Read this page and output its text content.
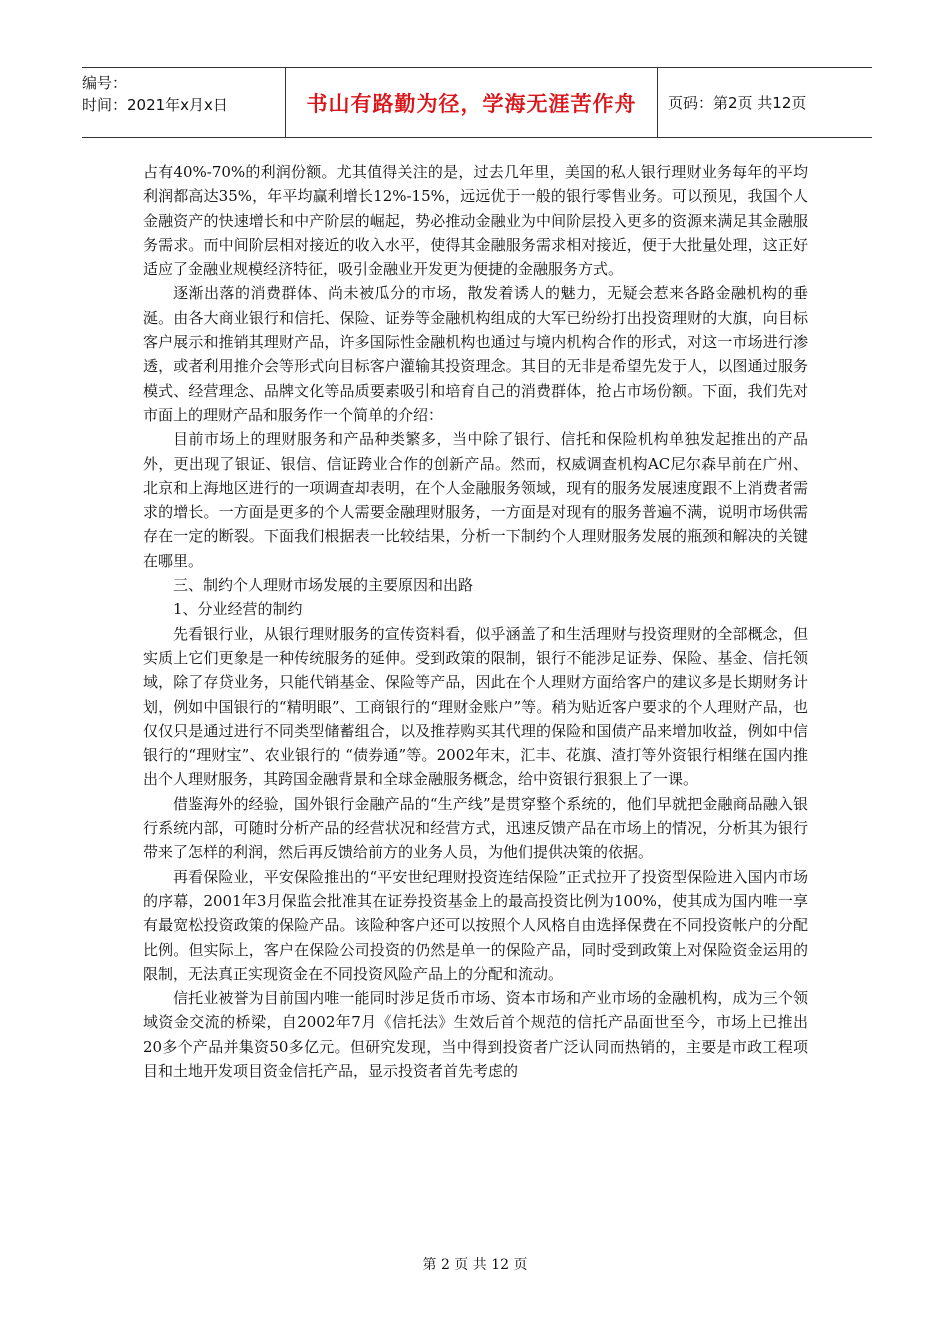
编号：
时间：2021年x月x日	书山有路勤为径，学海无涯苦作舟 页码：第2页 共12页

占有40%-70%的利润份额。尤其值得关注的是，过去几年里，美国的私人银行理财业务每年的平均利润都高达35%，年平均赢利增长12%-15%，远远优于一般的银行零售业务。可以预见，我国个人金融资产的快速增长和中产阶层的崛起，势必推动金融业为中间阶层投入更多的资源来满足其金融服务需求。而中间阶层相对接近的收入水平，使得其金融服务需求相对接近，便于大批量处理，这正好适应了金融业规模经济特征，吸引金融业开发更为便捷的金融服务方式。

逐渐出落的消费群体、尚未被瓜分的市场，散发着诱人的魅力，无疑会惹来各路金融机构的垂涎。由各大商业银行和信托、保险、证券等金融机构组成的大军已纷纷打出投资理财的大旗，向目标客户展示和推销其理财产品，许多国际性金融机构也通过与境内机构合作的形式，对这一市场进行渗透，或者利用推介会等形式向目标客户灌输其投资理念。其目的无非是希望先发于人，以图通过服务模式、经营理念、品牌文化等品质要素吸引和培育自己的消费群体，抢占市场份额。下面，我们先对市面上的理财产品和服务作一个简单的介绍：

目前市场上的理财服务和产品种类繁多，当中除了银行、信托和保险机构单独发起推出的产品外，更出现了银证、银信、信证跨业合作的创新产品。然而，权威调查机构AC尼尔森早前在广州、北京和上海地区进行的一项调查却表明，在个人金融服务领域，现有的服务发展速度跟不上消费者需求的增长。一方面是更多的个人需要金融理财服务，一方面是对现有的服务普遍不满，说明市场供需存在一定的断裂。下面我们根据表一比较结果，分析一下制约个人理财服务发展的瓶颈和解决的关键在哪里。

三、制约个人理财市场发展的主要原因和出路

1、分业经营的制约

先看银行业，从银行理财服务的宣传资料看，似乎涵盖了和生活理财与投资理财的全部概念，但实质上它们更象是一种传统服务的延伸。受到政策的限制，银行不能涉足证券、保险、基金、信托领域，除了存贷业务，只能代销基金、保险等产品，因此在个人理财方面给客户的建议多是长期财务计划，例如中国银行的“精明眼”、工商银行的“理财金账户”等。稍为贴近客户要求的个人理财产品，也仅仅只是通过进行不同类型储蓄组合，以及推荐购买其代理的保险和国债产品来增加收益，例如中信银行的“理财宝”、农业银行的 “债券通”等。2002年末，汇丰、花旗、渣打等外资银行相继在国内推出个人理财服务，其跨国金融背景和全球金融服务概念，给中资银行狠狠上了一课。

借鉴海外的经验，国外银行金融产品的“生产线”是贯穿整个系统的，他们早就把金融商品融入银行系统内部，可随时分析产品的经营状况和经营方式，迅速反馈产品在市场上的情况，分析其为银行带来了怎样的利润，然后再反馈给前方的业务人员，为他们提供决策的依据。

再看保险业，平安保险推出的“平安世纪理财投资连结保险”正式拉开了投资型保险进入国内市场的序幕，2001年3月保监会批准其在证券投资基金上的最高投资比例为100%，使其成为国内唯一享有最宽松投资政策的保险产品。该险种客户还可以按照个人风格自由选择保费在不同投资帐户的分配比例。但实际上，客户在保险公司投资的仍然是单一的保险产品，同时受到政策上对保险资金运用的限制，无法真正实现资金在不同投资风险产品上的分配和流动。

信托业被誉为目前国内唯一能同时涉足货币市场、资本市场和产业市场的金融机构，成为三个领域资金交流的桥梁，自2002年7月《信托法》生效后首个规范的信托产品面世至今，市场上已推出20多个产品并集资50多亿元。但研究发现，当中得到投资者广泛认同而热销的，主要是市政工程项目和土地开发项目资金信托产品，显示投资者首先考虑的

第 2 页 共 12 页
